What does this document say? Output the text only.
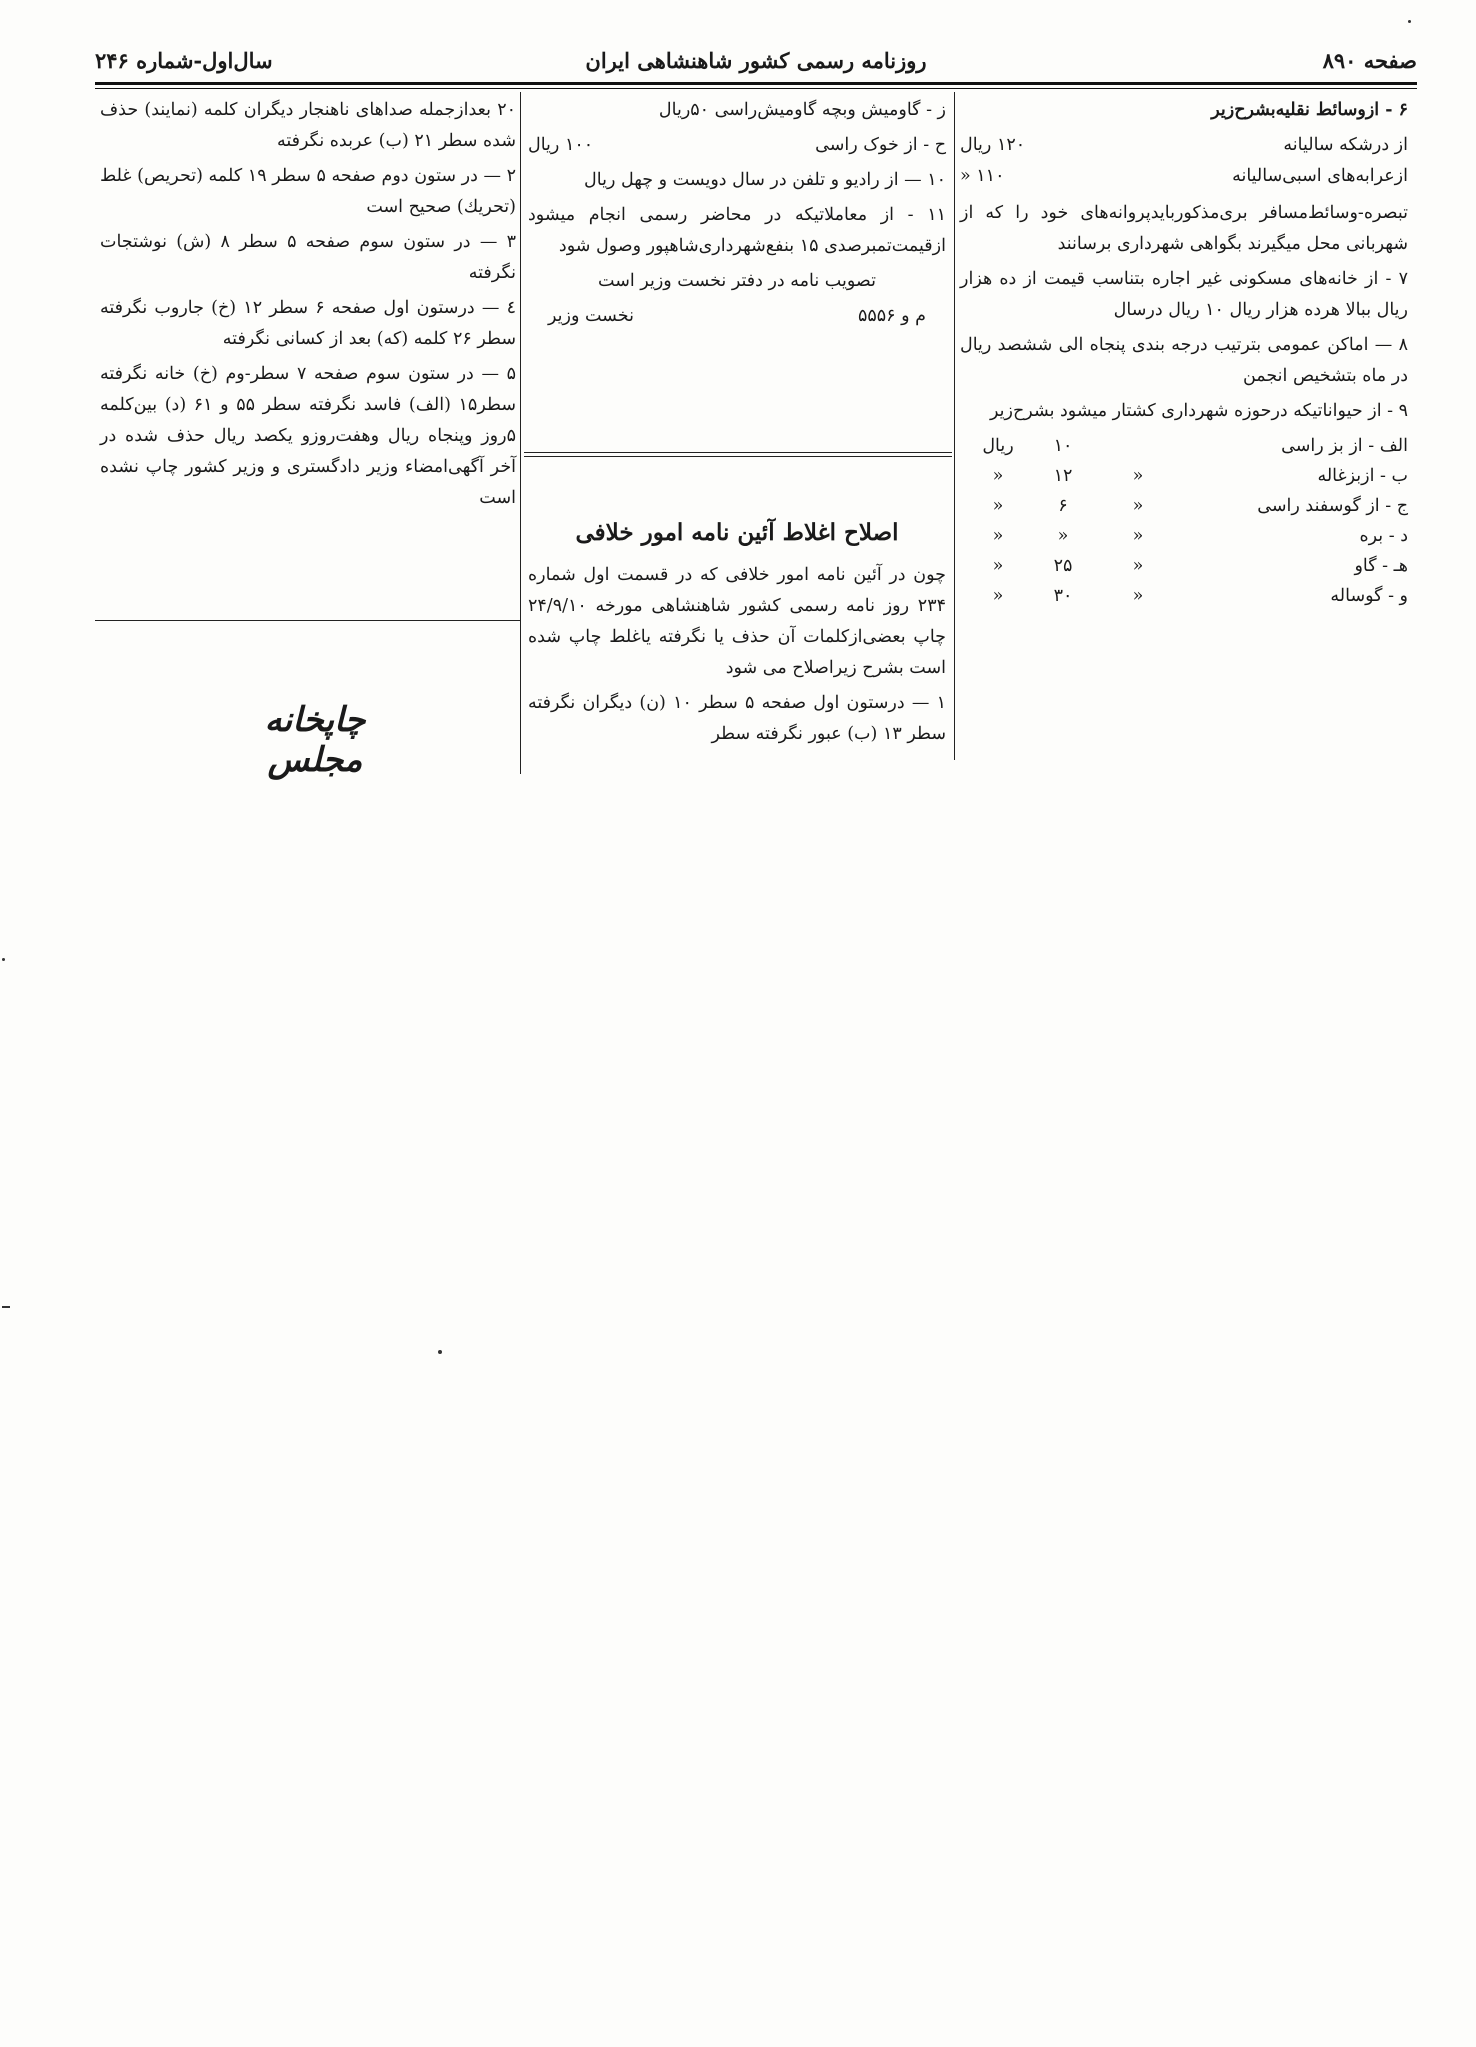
صفحه ۸۹۰
روزنامه رسمی کشور شاهنشاهی ایران
سال‌اول-شماره ۲۴۶

۶ - ازوسائط نقلیه‌بشرح‌زیر

از درشکه سالیانه
۱۲۰ ریال
ازعرابه‌های اسبی‌سالیانه
۱۱۰ «

تبصره-وسائط‌مسافر بری‌مذکورباید‌پروانه‌های خود را که از شهربانی محل میگیرند بگواهی شهرداری برسانند

۷ - از خانه‌های مسکونی غیر اجاره بتناسب قیمت از ده هزار ریال ببالا هرده هزار ریال ۱۰ ریال درسال

۸ — اماکن عمومی بترتیب درجه بندی پنجاه الی ششصد ریال در ماه بتشخیص انجمن

۹ - از حیواناتیکه درحوزه شهرداری کشتار میشود بشرح‌زیر

الف - از بز راسی
۱۰
ریال
ب - ازبزغاله
«
۱۲
«
ج - از گوسفند راسی
«
۶
«
د - بره
«
«
«
هـ - گاو
«
۲۵
«
و - گوساله
«
۳۰
«

ز - گاومیش وبچه گاومیش‌راسی ۵۰ریال

ح - از خوک راسی
۱۰۰ ریال

۱۰ — از رادیو و تلفن در سال دویست و چهل ریال

۱۱ - از معاملاتیکه در محاضر رسمی انجام میشود ازقیمت‌تمبرصدی ۱۵ بنفع‌شهرداری‌شاهپور وصول شود

تصویب نامه در دفتر نخست وزیر است

م و ۵۵۵۶
نخست وزیر
اصلاح اغلاط آئین نامه امور خلافی

چون در آئین نامه امور خلافی که در قسمت اول شماره ۲۳۴ روز نامه رسمی کشور شاهنشاهی مورخه ۲۴/۹/۱۰ چاپ بعضی‌ازکلمات آن حذف یا نگرفته یاغلط چاپ شده است بشرح زیراصلاح می شود

۱ — درستون اول صفحه ۵ سطر ۱۰ (ن) دیگران نگرفته سطر ۱۳ (ب) عبور نگرفته سطر

۲۰ بعدازجمله صداهای ناهنجار دیگران کلمه (نمایند) حذف شده سطر ۲۱ (ب) عربده نگرفته

۲ — در ستون دوم صفحه ۵ سطر ۱۹ کلمه (تحریص) غلط (تحریك) صحیح است

۳ — در ستون سوم صفحه ۵ سطر ۸ (ش) نوشتجات نگرفته

٤ — درستون اول صفحه ۶ سطر ۱۲ (خ) جاروب نگرفته سطر ۲۶ کلمه (که) بعد از کسانی نگرفته

۵ — در ستون سوم صفحه ۷ سطر-وم (خ) خانه نگرفته سطر۱۵ (الف) فاسد نگرفته سطر ۵۵ و ۶۱ (د) بین‌کلمه ۵روز وپنجاه ریال وهفت‌روزو یکصد ریال حذف شده در آخر آگهی‌امضاء وزیر دادگستری و وزیر کشور چاپ نشده است

چاپخانه مجلس
